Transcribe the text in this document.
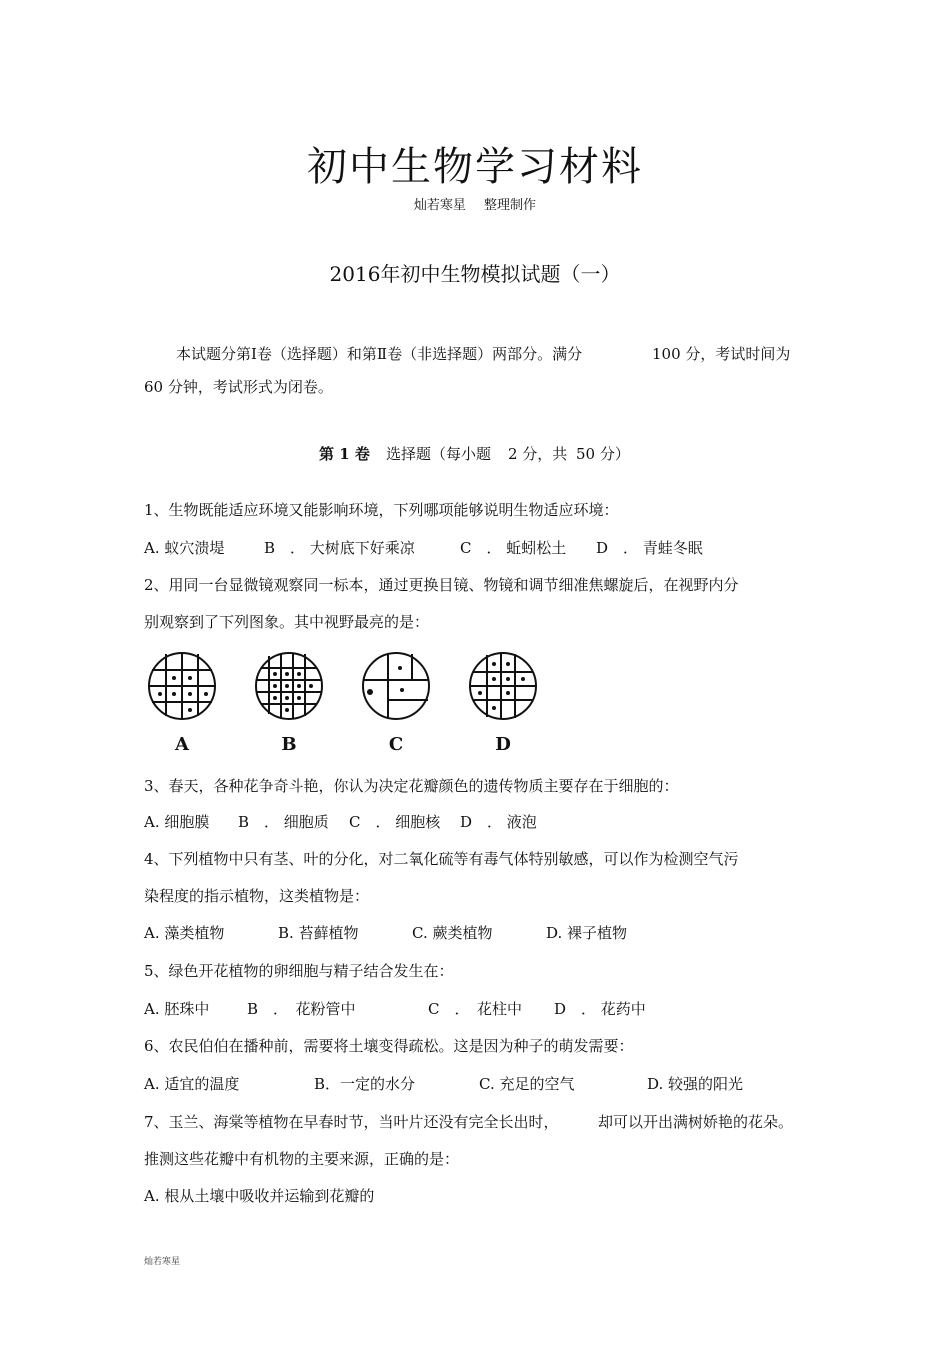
初中生物学习材料
灿若寒星 整理制作
2016年初中生物模拟试题（一）
本试题分第Ⅰ卷（选择题）和第Ⅱ卷（非选择题）两部分。满分	100 分，考试时间为
60 分钟，考试形式为闭卷。
第 1 卷 选择题（每小题 2 分，共 50 分）
1、生物既能适应环境又能影响环境，下列哪项能够说明生物适应环境：
A. 蚁穴溃堤	B　． 大树底下好乘凉	C　． 蚯蚓松土 D　． 青蛙冬眠
2、用同一台显微镜观察同一标本，通过更换目镜、物镜和调节细准焦螺旋后，在视野内分
别观察到了下列图象。其中视野最亮的是：
A	B	C	D
3、春天，各种花争奇斗艳，你认为决定花瓣颜色的遗传物质主要存在于细胞的：
A. 细胞膜 B　． 细胞质 C　． 细胞核 D　． 液泡
4、下列植物中只有茎、叶的分化，对二氧化硫等有毒气体特别敏感，可以作为检测空气污
染程度的指示植物，这类植物是：
A. 藻类植物	B. 苔藓植物	C. 蕨类植物	D. 裸子植物
5、绿色开花植物的卵细胞与精子结合发生在：
A. 胚珠中	B　．　花粉管中	C　．　花柱中 D　． 花药中
6、农民伯伯在播种前，需要将土壤变得疏松。这是因为种子的萌发需要：
A. 适宜的温度	B．一定的水分	C. 充足的空气	D. 较强的阳光
7、玉兰、海棠等植物在早春时节，当叶片还没有完全长出时，	却可以开出满树娇艳的花朵。
推测这些花瓣中有机物的主要来源，正确的是：
A. 根从土壤中吸收并运输到花瓣的
灿若寒星
